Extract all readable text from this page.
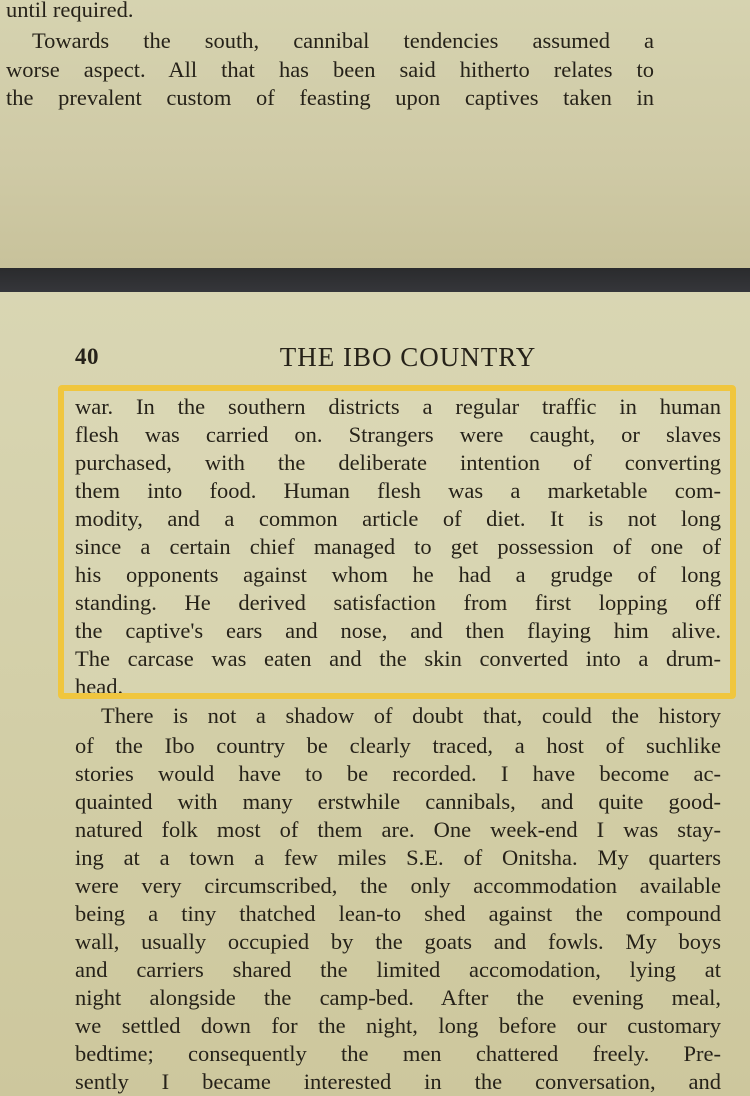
until required.
Towards the south, cannibal tendencies assumed a
worse aspect. All that has been said hitherto relates to
the prevalent custom of feasting upon captives taken in
40	THE IBO COUNTRY
war. In the southern districts a regular traffic in human
flesh was carried on. Strangers were caught, or slaves
purchased, with the deliberate intention of converting
them into food. Human flesh was a marketable com-
modity, and a common article of diet. It is not long
since a certain chief managed to get possession of one of
his opponents against whom he had a grudge of long
standing. He derived satisfaction from first lopping off
the captive's ears and nose, and then flaying him alive.
The carcase was eaten and the skin converted into a drum-
head.
There is not a shadow of doubt that, could the history
of the Ibo country be clearly traced, a host of suchlike
stories would have to be recorded. I have become ac-
quainted with many erstwhile cannibals, and quite good-
natured folk most of them are. One week-end I was stay-
ing at a town a few miles S.E. of Onitsha. My quarters
were very circumscribed, the only accommodation available
being a tiny thatched lean-to shed against the compound
wall, usually occupied by the goats and fowls. My boys
and carriers shared the limited accomodation, lying at
night alongside the camp-bed. After the evening meal,
we settled down for the night, long before our customary
bedtime; consequently the men chattered freely. Pre-
sently I became interested in the conversation, and
